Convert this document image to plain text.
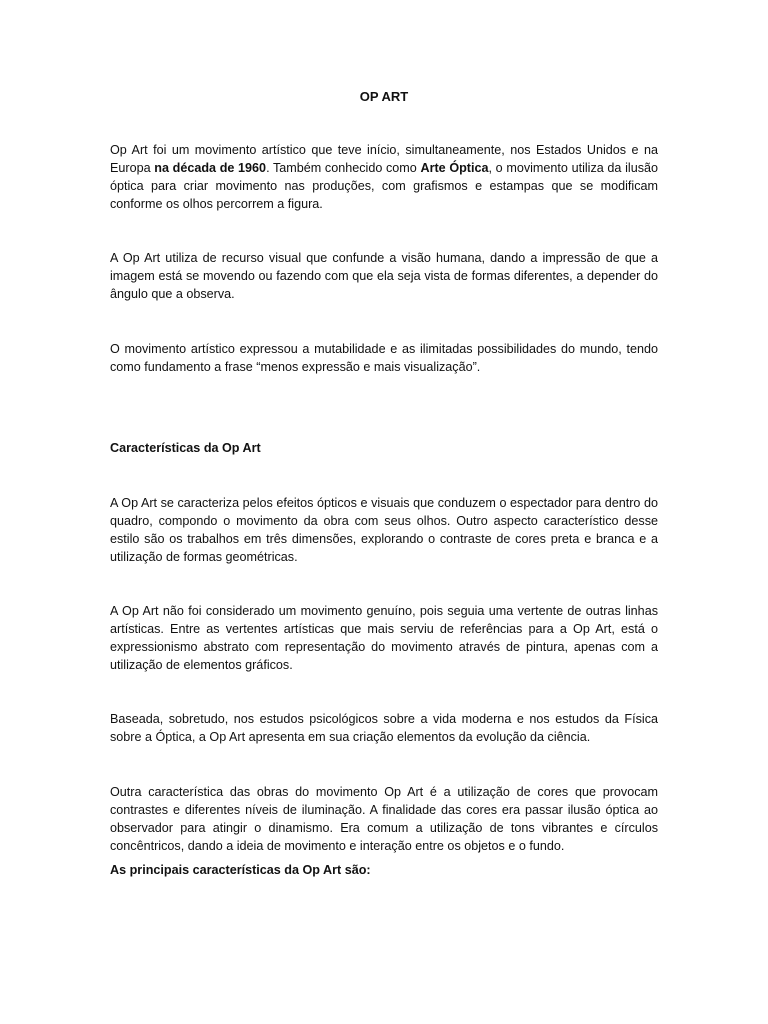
OP ART

Op Art foi um movimento artístico que teve início, simultaneamente, nos Estados Unidos e na Europa na década de 1960. Também conhecido como Arte Óptica, o movimento utiliza da ilusão óptica para criar movimento nas produções, com grafismos e estampas que se modificam conforme os olhos percorrem a figura.

A Op Art utiliza de recurso visual que confunde a visão humana, dando a impressão de que a imagem está se movendo ou fazendo com que ela seja vista de formas diferentes, a depender do ângulo que a observa.

O movimento artístico expressou a mutabilidade e as ilimitadas possibilidades do mundo, tendo como fundamento a frase “menos expressão e mais visualização”.

Características da Op Art

A Op Art se caracteriza pelos efeitos ópticos e visuais que conduzem o espectador para dentro do quadro, compondo o movimento da obra com seus olhos. Outro aspecto característico desse estilo são os trabalhos em três dimensões, explorando o contraste de cores preta e branca e a utilização de formas geométricas.

A Op Art não foi considerado um movimento genuíno, pois seguia uma vertente de outras linhas artísticas. Entre as vertentes artísticas que mais serviu de referências para a Op Art, está o expressionismo abstrato com representação do movimento através de pintura, apenas com a utilização de elementos gráficos.

Baseada, sobretudo, nos estudos psicológicos sobre a vida moderna e nos estudos da Física sobre a Óptica, a Op Art apresenta em sua criação elementos da evolução da ciência.

Outra característica das obras do movimento Op Art é a utilização de cores que provocam contrastes e diferentes níveis de iluminação. A finalidade das cores era passar ilusão óptica ao observador para atingir o dinamismo. Era comum a utilização de tons vibrantes e círculos concêntricos, dando a ideia de movimento e interação entre os objetos e o fundo.

As principais características da Op Art são:
